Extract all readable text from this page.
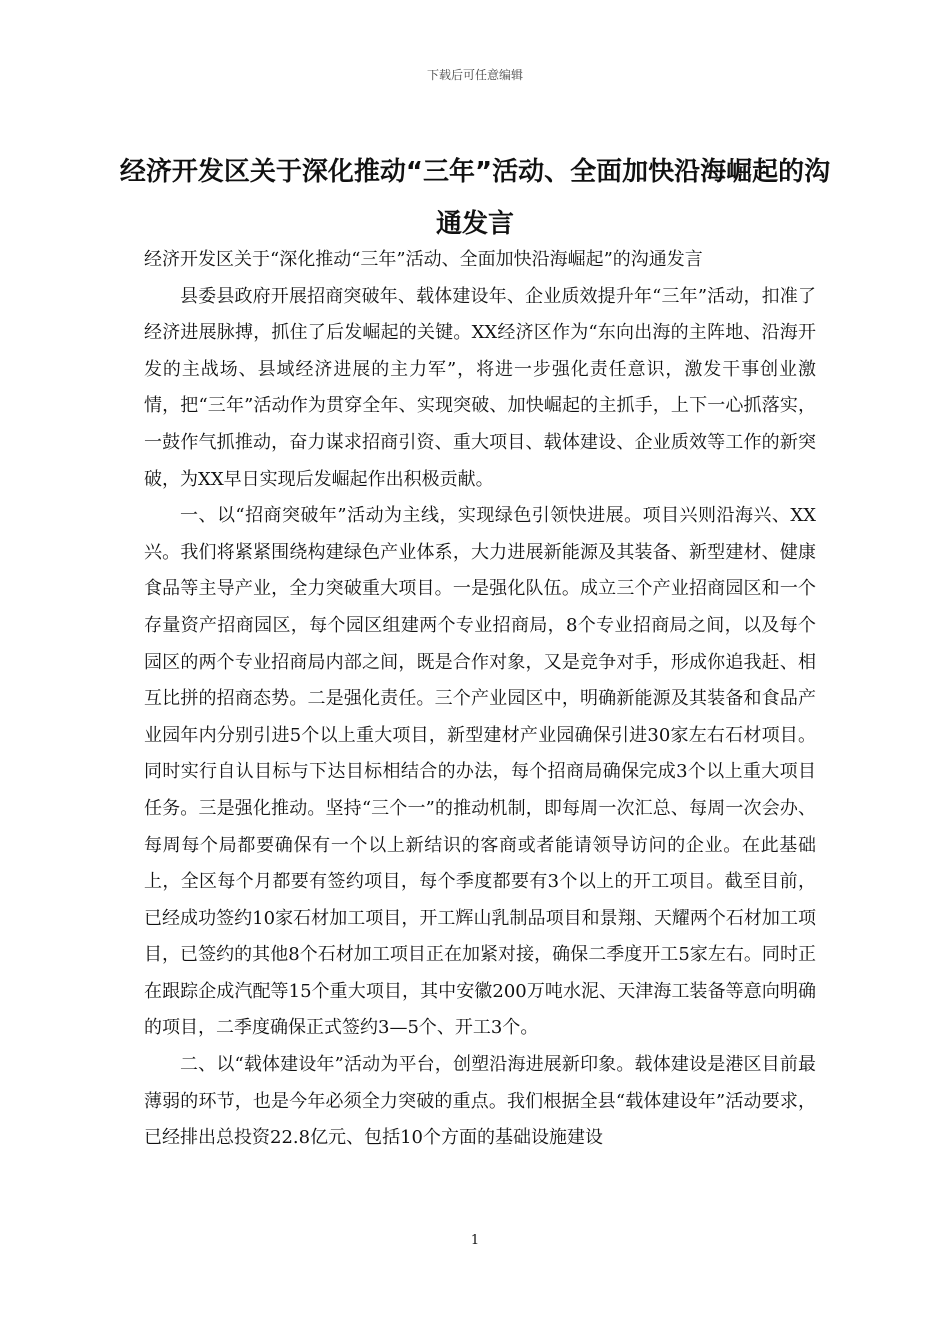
下载后可任意编辑
经济开发区关于深化推动“三年”活动、全面加快沿海崛起的沟通发言

经济开发区关于“深化推动“三年”活动、全面加快沿海崛起”的沟通发言

县委县政府开展招商突破年、载体建设年、企业质效提升年“三年”活动，扣准了经济进展脉搏，抓住了后发崛起的关键。XX经济区作为“东向出海的主阵地、沿海开发的主战场、县域经济进展的主力军”，将进一步强化责任意识，激发干事创业激情，把“三年”活动作为贯穿全年、实现突破、加快崛起的主抓手，上下一心抓落实，一鼓作气抓推动，奋力谋求招商引资、重大项目、载体建设、企业质效等工作的新突破，为XX早日实现后发崛起作出积极贡献。

一、以“招商突破年”活动为主线，实现绿色引领快进展。项目兴则沿海兴、XX兴。我们将紧紧围绕构建绿色产业体系，大力进展新能源及其装备、新型建材、健康食品等主导产业，全力突破重大项目。一是强化队伍。成立三个产业招商园区和一个存量资产招商园区，每个园区组建两个专业招商局，8个专业招商局之间，以及每个园区的两个专业招商局内部之间，既是合作对象，又是竞争对手，形成你追我赶、相互比拼的招商态势。二是强化责任。三个产业园区中，明确新能源及其装备和食品产业园年内分别引进5个以上重大项目，新型建材产业园确保引进30家左右石材项目。同时实行自认目标与下达目标相结合的办法，每个招商局确保完成3个以上重大项目任务。三是强化推动。坚持“三个一”的推动机制，即每周一次汇总、每周一次会办、每周每个局都要确保有一个以上新结识的客商或者能请领导访问的企业。在此基础上，全区每个月都要有签约项目，每个季度都要有3个以上的开工项目。截至目前，已经成功签约10家石材加工项目，开工辉山乳制品项目和景翔、天耀两个石材加工项目，已签约的其他8个石材加工项目正在加紧对接，确保二季度开工5家左右。同时正在跟踪企成汽配等15个重大项目，其中安徽200万吨水泥、天津海工装备等意向明确的项目，二季度确保正式签约3—5个、开工3个。

二、以“载体建设年”活动为平台，创塑沿海进展新印象。载体建设是港区目前最薄弱的环节，也是今年必须全力突破的重点。我们根据全县“载体建设年”活动要求，已经排出总投资22.8亿元、包括10个方面的基础设施建设

1
